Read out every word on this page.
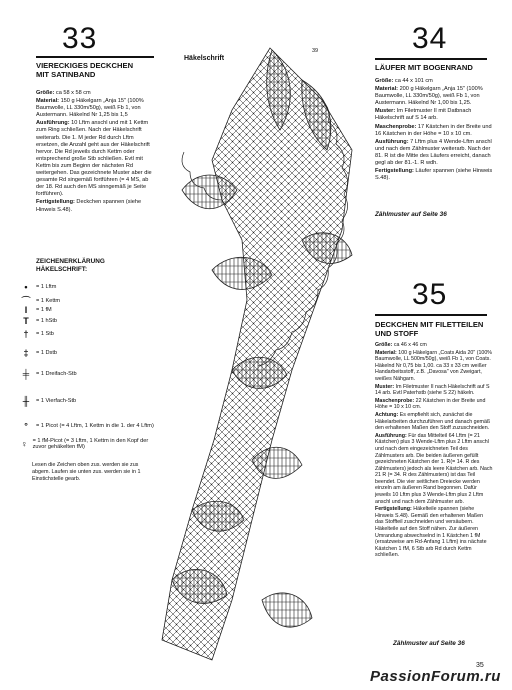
33
VIERECKIGES DECKCHEN
MIT SATINBAND
Größe: ca 58 x 58 cm
Material: 150 g Häkelgarn „Anja 15" (100% Baumwolle, LL 330m/50g), weiß Fb 1, von Austermann. Häkelnd Nr 1,25 bis 1,5
Ausführung: 10 Lftm anschl und mit 1 Kettm zum Ring schließen. Nach der Häkelschrift weiterarb. Die 1. M jeder Rd durch Lftm ersetzen, die Anzahl geht aus der Häkelschrift hervor. Die Rd jeweils durch Kettm oder entsprechend große Stb schließen. Evtl mit Kettm bis zum Beginn der nächsten Rd weitergehen. Das gezeichnete Muster aber die gesamte Rd singemäß fortführen (= 4 MS, ab der 18. Rd auch den MS sinngemäß je Seite fortführen).
Fertigstellung: Deckchen spannen (siehe Hinweis S.48).
ZEICHENERKLÄRUNG
HÄKELSCHRIFT:
•	= 1 Lftm
⌒ = 1 Kettm
Ι	= 1 fM
T	= 1 hStb
†	= 1 Stb
‡	= 1 Dstb
╪	= 1 Dreifach-Stb
╫	= 1 Vierfach-Stb
°	= 1 Picot (= 4 Lftm, 1 Kettm in die 1. der 4 Lftm)
♀ = 1 fM-Picot (= 3 Lftm, 1 Kettm in den Kopf der zuvor gehäkelten fM)
Lesen die Zeichen oben zus. werden sie zus abgem. Laufen sie unten zus. werden sie in 1 Einstichstelle gearb.
Häkelschrift
39	34
LÄUFER MIT BOGENRAND
Größe: ca 44 x 101 cm
Material: 200 g Häkelgarn „Anja 15" (100% Baumwolle, LL 330m/50g), weiß Fb 1, von Austermann. Häkelnd Nr 1,00 bis 1,25.
Muster: Im Filetmuster II mit Datbnach Häkelschrift auf S 14 arb.
Maschenprobe: 17 Kästchen in der Breite und 16 Kästchen in der Höhe = 10 x 10 cm.
Ausführung: 7 Lftm plus 4 Wende-Lftm anschl und nach dem Zählmuster weiterarb. Nach der 81. R ist die Mitte des Läufers erreicht, danach gegl ab der 81.-1. R wdh.
Fertigstellung: Läufer spannen (siehe Hinweis S.48).
Zählmuster auf Seite 36
35
DECKCHEN MIT FILETTEILEN
UND STOFF
Größe: ca 46 x 46 cm
Material: 100 g Häkelgarn „Coats Aida 20" (100% Baumwolle, LL 500m/50g), weiß Fb 1, von Coats. Häkelnd Nr 0,75 bis 1,00. ca 33 x 33 cm weißer Handarbeitsstoff, z.B. „Davosa" von Zweigart, weißes Nähgarn.
Muster: Im Filetmuster II nach Häkelschrift auf S 14 arb. Evtl Paterhstb (siehe S 22) häkeln.
Maschenprobe: 22 Kästchen in der Breite und Höhe = 10 x 10 cm.
Achtung: Es empfiehlt sich, zunächst die Häkelarbeiten durchzuführen und danach gemäß den erhaltenen Maßen den Stoff zuzuschneiden.
Ausführung: Für das Mittelteil 64 Lftm (= 21 Kästchen) plus 3 Wende-Lftm plus 2 Lftm anschl und nach dem eingezeichneten Teil des Zählmusters arb. Die beiden äußeren gefüllt gezeichneten Kästchen der 1. R(= 14. R des Zählmusters) jedoch als leere Kästchen arb. Nach 21 R (= 34. R des Zählmusters) ist das Teil beendet. Die vier seitlichen Dreiecke werden einzeln am äußeren Rand begonnen. Dafür jeweils 10 Lftm plus 3 Wende-Lftm plus 2 Lftm anschl und nach dem Zählmuster arb.
Fertigstellung: Häkelteile spannen (siehe Hinweis S.48). Gemäß den erhaltenen Maßen das Stoffteil zuschneiden und versäubern. Häkelteile auf den Stoff nähen. Zur äußeren Umrandung abwechselnd in 1 Kästchen 1 fM (ersatzweise am Rd-Anfang 1 Lftm) ins nächste Kästchen 1 fM, 6 Stb arb Rd durch Kettm schließen.
Zählmuster auf Seite 36
35
PassionForum.ru
